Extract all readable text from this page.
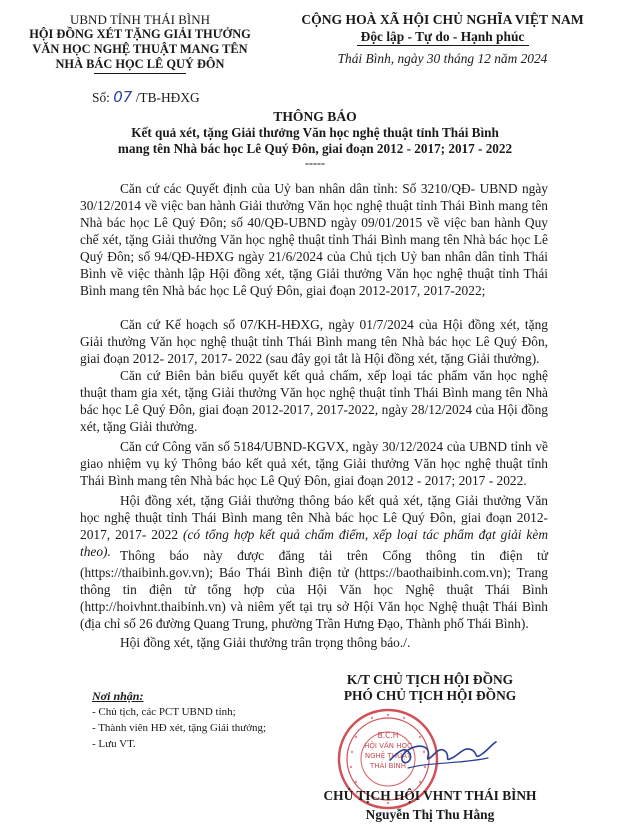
UBND TỈNH THÁI BÌNH
HỘI ĐỒNG XÉT TẶNG GIẢI THƯỞNG
VĂN HỌC NGHỆ THUẬT MANG TÊN
NHÀ BÁC HỌC LÊ QUÝ ĐÔN
Số: 07 /TB-HĐXG
CỘNG HOÀ XÃ HỘI CHỦ NGHĨA VIỆT NAM
Độc lập - Tự do - Hạnh phúc
Thái Bình, ngày 30 tháng 12 năm 2024
THÔNG BÁO
Kết quả xét, tặng Giải thưởng Văn học nghệ thuật tỉnh Thái Bình
mang tên Nhà bác học Lê Quý Đôn, giai đoạn 2012 - 2017; 2017 - 2022
-----

Căn cứ các Quyết định của Uỷ ban nhân dân tỉnh: Số 3210/QĐ- UBND ngày 30/12/2014 về việc ban hành Giải thưởng Văn học nghệ thuật tỉnh Thái Bình mang tên Nhà bác học Lê Quý Đôn; số 40/QĐ-UBND ngày 09/01/2015 về việc ban hành Quy chế xét, tặng Giải thưởng Văn học nghệ thuật tỉnh Thái Bình mang tên Nhà bác học Lê Quý Đôn; số 94/QĐ-HĐXG ngày 21/6/2024 của Chủ tịch Uỷ ban nhân dân tỉnh Thái Bình về việc thành lập Hội đồng xét, tặng Giải thưởng Văn học nghệ thuật tỉnh Thái Bình mang tên Nhà bác học Lê Quý Đôn, giai đoạn 2012-2017, 2017-2022;

Căn cứ Kế hoạch số 07/KH-HĐXG, ngày 01/7/2024 của Hội đồng xét, tặng Giải thưởng Văn học nghệ thuật tỉnh Thái Bình mang tên Nhà bác học Lê Quý Đôn, giai đoạn 2012- 2017, 2017- 2022 (sau đây gọi tắt là Hội đồng xét, tặng Giải thưởng).

Căn cứ Biên bản biểu quyết kết quả chấm, xếp loại tác phẩm văn học nghệ thuật tham gia xét, tặng Giải thưởng Văn học nghệ thuật tỉnh Thái Bình mang tên Nhà bác học Lê Quý Đôn, giai đoạn 2012-2017, 2017-2022, ngày 28/12/2024 của Hội đồng xét, tặng Giải thưởng.

Căn cứ Công văn số 5184/UBND-KGVX, ngày 30/12/2024 của UBND tỉnh về giao nhiệm vụ ký Thông báo kết quả xét, tặng Giải thưởng Văn học nghệ thuật tỉnh Thái Bình mang tên Nhà bác học Lê Quý Đôn, giai đoạn 2012 - 2017; 2017 - 2022.

Hội đồng xét, tặng Giải thưởng thông báo kết quả xét, tặng Giải thưởng Văn học nghệ thuật tỉnh Thái Bình mang tên Nhà bác học Lê Quý Đôn, giai đoạn 2012- 2017, 2017- 2022 (có tổng hợp kết quả chấm điểm, xếp loại tác phẩm đạt giải kèm theo). Thông báo này được đăng tải trên Cổng thông tin điện tử (https://thaibinh.gov.vn); Báo Thái Bình điện tử (https://baothaibinh.com.vn); Trang thông tin điện tử tổng hợp của Hội Văn học Nghệ thuật Thái Bình (http://hoivhnt.thaibinh.vn) và niêm yết tại trụ sở Hội Văn học Nghệ thuật Thái Bình (địa chỉ số 26 đường Quang Trung, phường Trần Hưng Đạo, Thành phố Thái Bình).

Hội đồng xét, tặng Giải thưởng trân trọng thông báo./.

Nơi nhận:
- Chủ tịch, các PCT UBND tỉnh;
- Thành viên HĐ xét, tặng Giải thưởng;
- Lưu VT.
K/T CHỦ TỊCH HỘI ĐỒNG
PHÓ CHỦ TỊCH HỘI ĐỒNG
B.C.H
HỘI VĂN HỌC
NGHỆ THUẬT
THÁI BÌNH
CHỦ TỊCH HỘI VHNT THÁI BÌNH
Nguyễn Thị Thu Hằng
